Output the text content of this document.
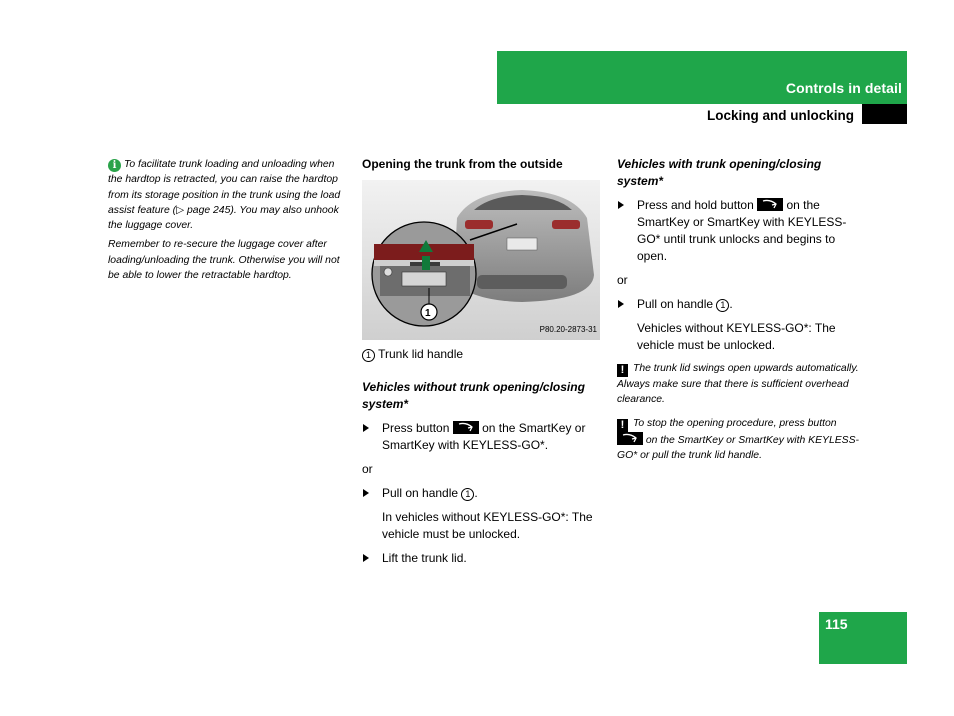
Controls in detail
Locking and unlocking
115

i To facilitate trunk loading and unloading when the hardtop is retracted, you can raise the hardtop from its storage position in the trunk using the load assist feature (▷ page 245). You may also unhook the luggage cover.

Remember to re-secure the luggage cover after loading/unloading the trunk. Otherwise you will not be able to lower the retractable hardtop.

Opening the trunk from the outside

1
P80.20-2873-31

1 Trunk lid handle

Vehicles without trunk opening/closing system*

Press button	on the SmartKey or SmartKey with KEYLESS-GO*.

or

Pull on handle 1 .

In vehicles without KEYLESS-GO*: The vehicle must be unlocked.

Lift the trunk lid.

Vehicles with trunk opening/closing system*

Press and hold button	on the SmartKey or SmartKey with KEYLESS-GO* until trunk unlocks and begins to open.

or

Pull on handle 1 .

Vehicles without KEYLESS-GO*: The vehicle must be unlocked.

! The trunk lid swings open upwards automatically. Always make sure that there is sufficient overhead clearance.

! To stop the opening procedure, press button
on the SmartKey or SmartKey with KEYLESS-GO* or pull the trunk lid handle.
